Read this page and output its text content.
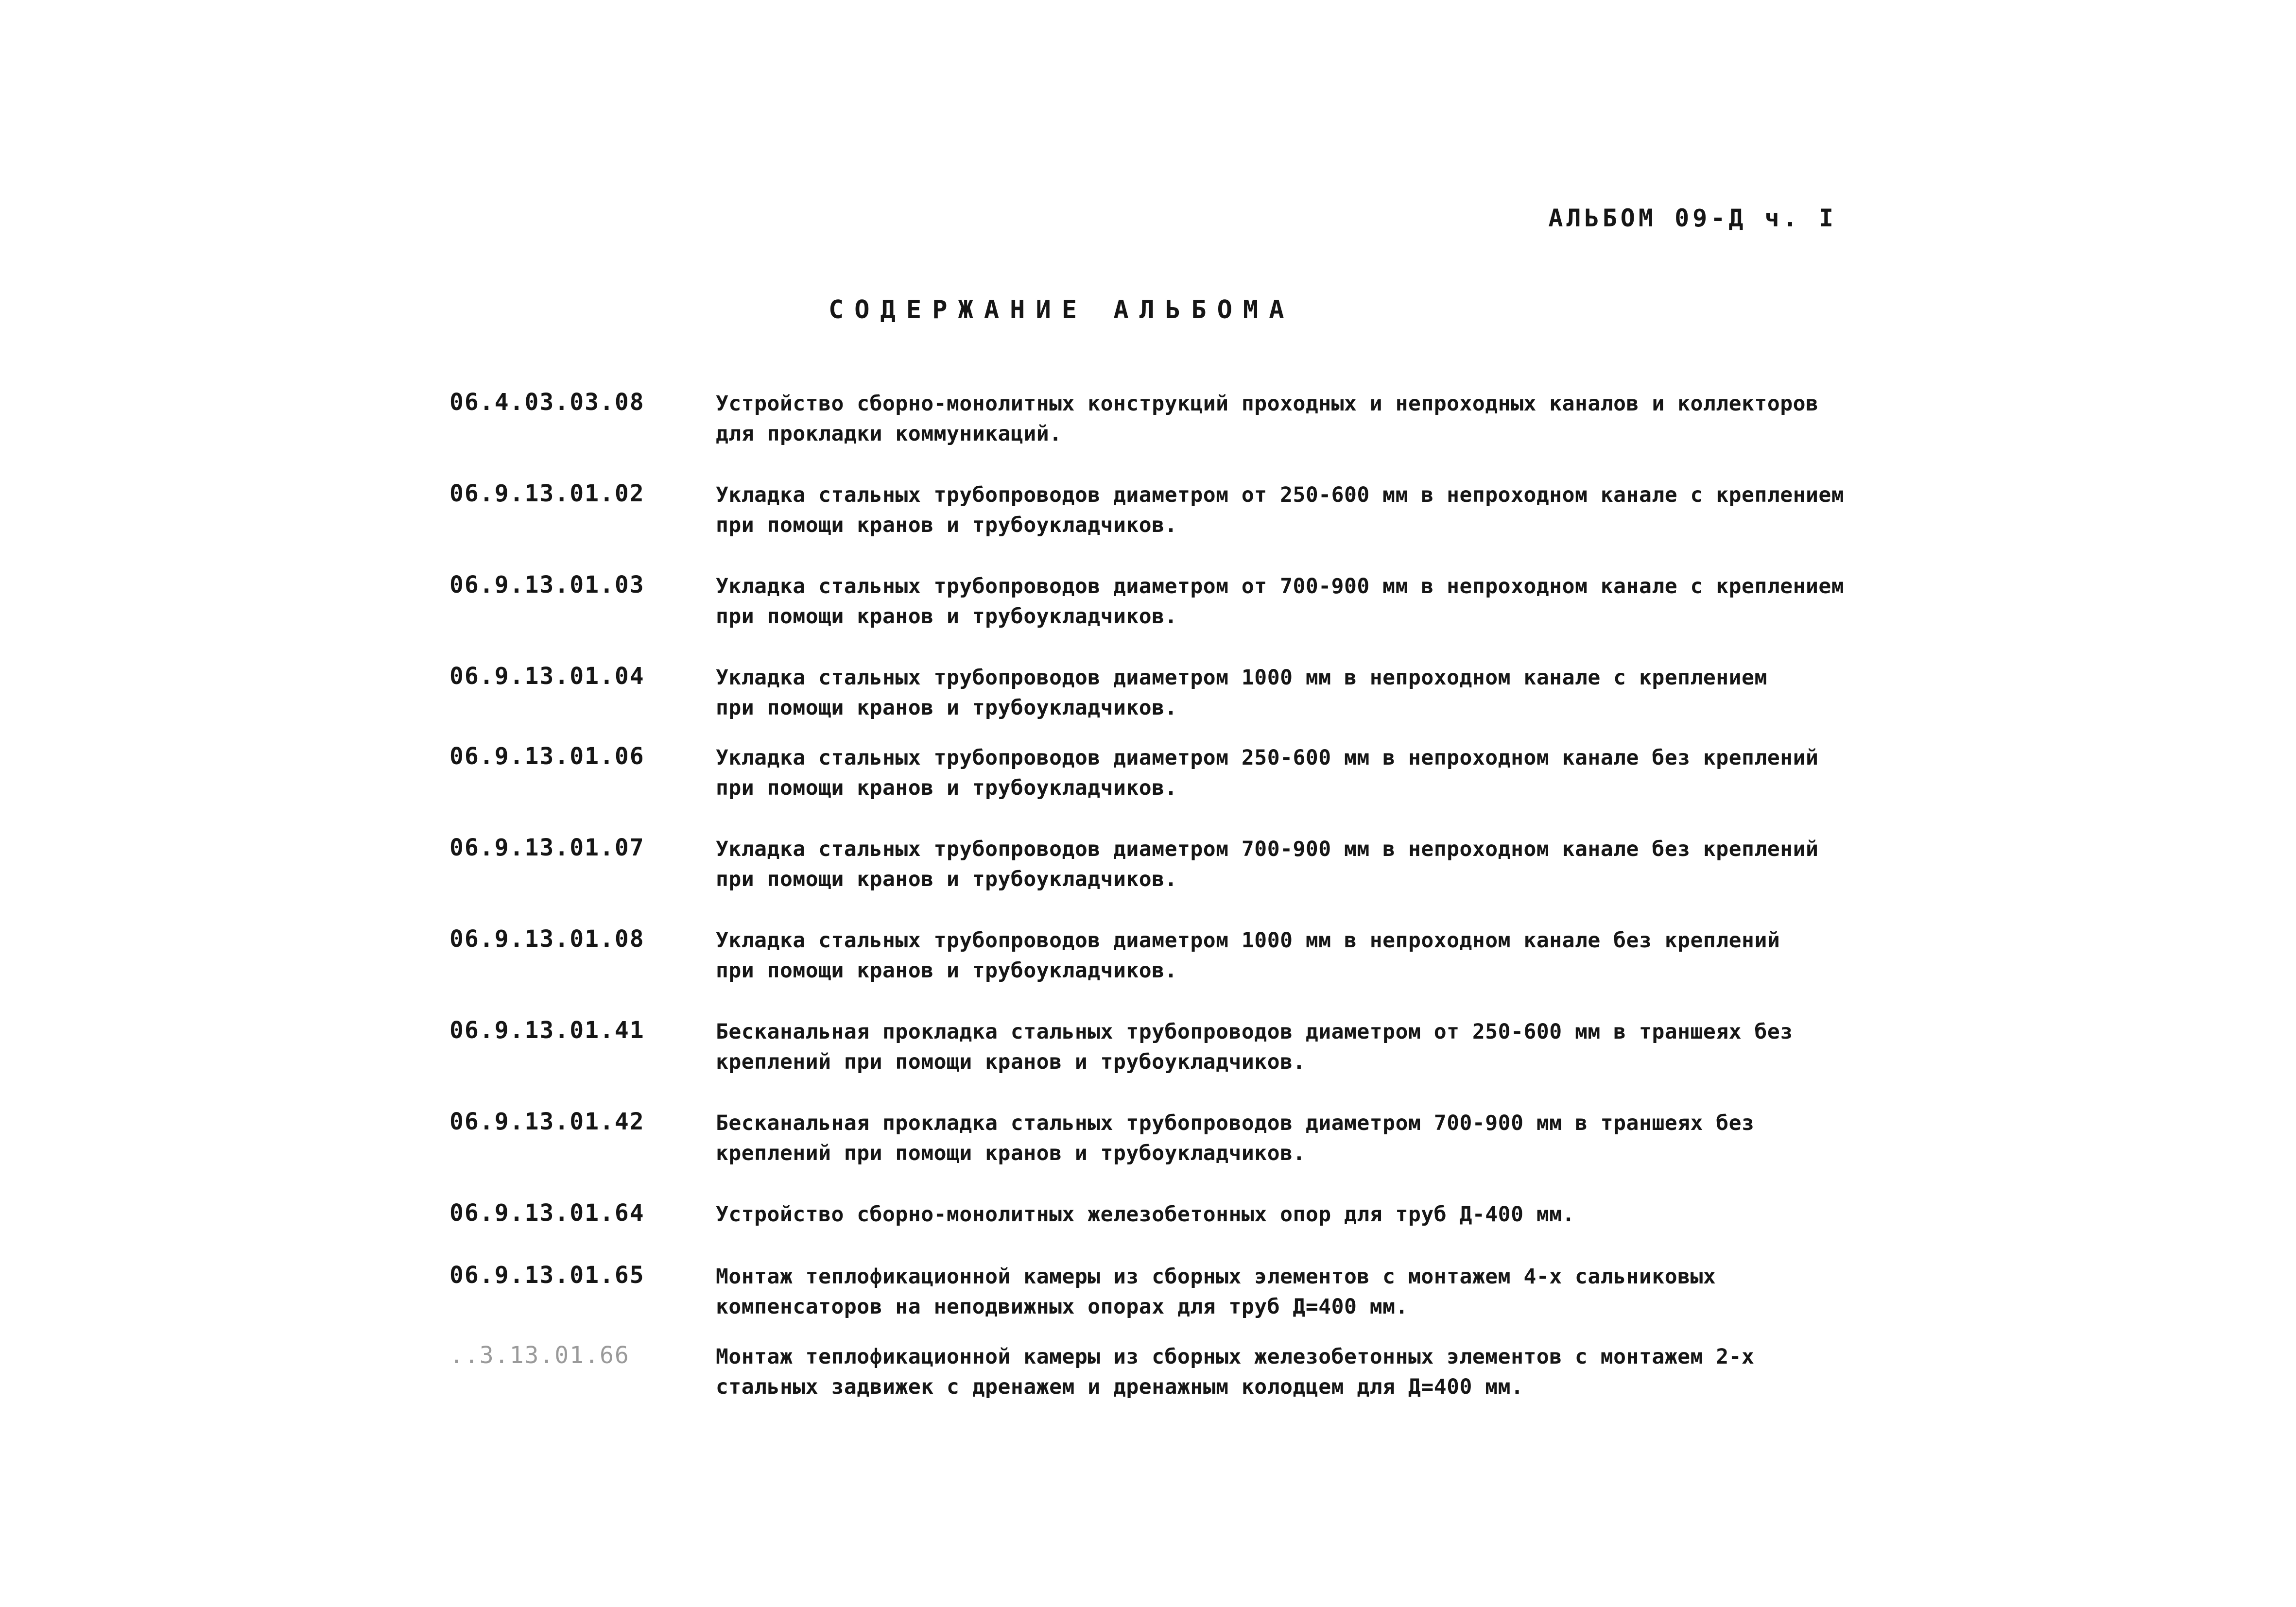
АЛЬБОМ 09-Д ч. I
СОДЕРЖАНИЕ АЛЬБОМА
06.4.03.03.08	Устройство сборно-монолитных конструкций проходных и непроходных каналов и коллекторов
для прокладки коммуникаций.
06.9.13.01.02	Укладка стальных трубопроводов диаметром от 250-600 мм в непроходном канале с креплением
при помощи кранов и трубоукладчиков.
06.9.13.01.03	Укладка стальных трубопроводов диаметром от 700-900 мм в непроходном канале с креплением
при помощи кранов и трубоукладчиков.
06.9.13.01.04	Укладка стальных трубопроводов диаметром 1000 мм в непроходном канале с креплением
при помощи кранов и трубоукладчиков.
06.9.13.01.06	Укладка стальных трубопроводов диаметром 250-600 мм в непроходном канале без креплений
при помощи кранов и трубоукладчиков.
06.9.13.01.07	Укладка стальных трубопроводов диаметром 700-900 мм в непроходном канале без креплений
при помощи кранов и трубоукладчиков.
06.9.13.01.08	Укладка стальных трубопроводов диаметром 1000 мм в непроходном канале без креплений
при помощи кранов и трубоукладчиков.
06.9.13.01.41	Бесканальная прокладка стальных трубопроводов диаметром от 250-600 мм в траншеях без
креплений при помощи кранов и трубоукладчиков.
06.9.13.01.42	Бесканальная прокладка стальных трубопроводов диаметром 700-900 мм в траншеях без
креплений при помощи кранов и трубоукладчиков.
06.9.13.01.64	Устройство сборно-монолитных железобетонных опор для труб Д-400 мм.
06.9.13.01.65	Монтаж теплофикационной камеры из сборных элементов с монтажем 4-х сальниковых
компенсаторов на неподвижных опорах для труб Д=400 мм.
..3.13.01.66	Монтаж теплофикационной камеры из сборных железобетонных элементов с монтажем 2-х
стальных задвижек с дренажем и дренажным колодцем для Д=400 мм.
